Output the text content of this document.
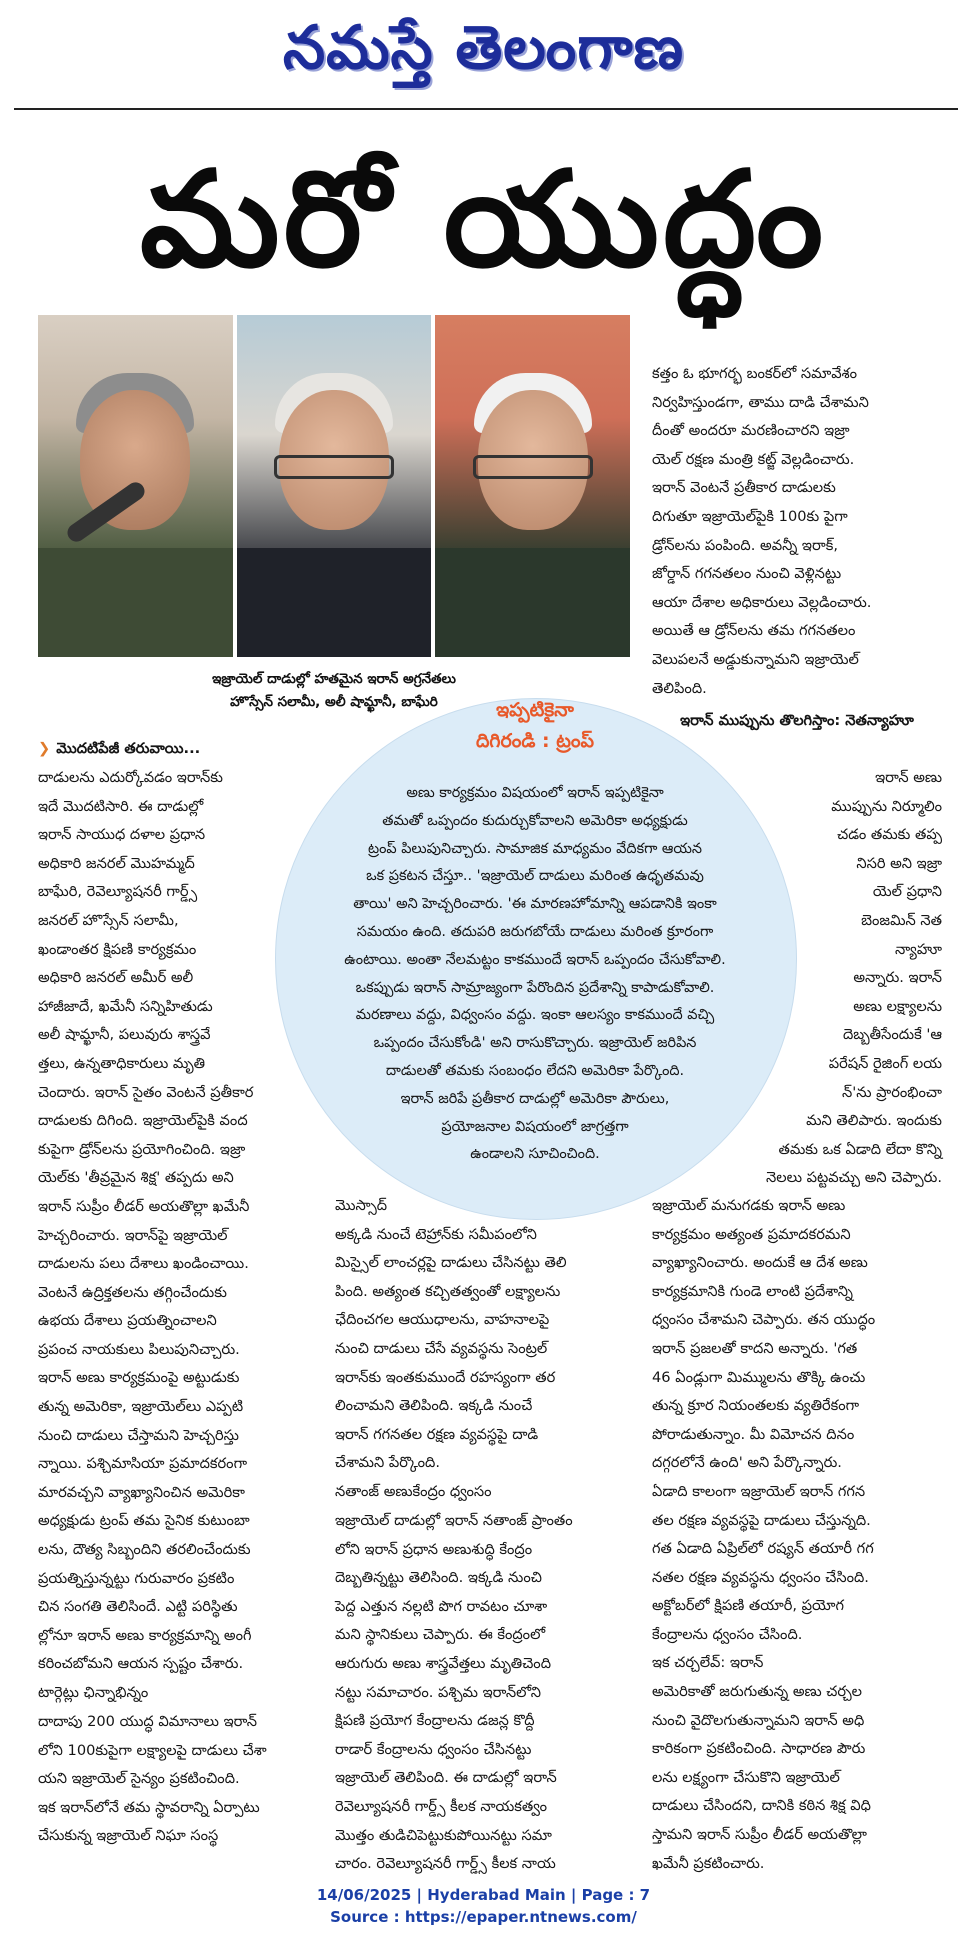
నమస్తే తెలంగాణ
మరో యుద్ధం
ఇజ్రాయెల్ దాడుల్లో హతమైన ఇరాన్ అగ్రనేతలు
హొస్సేన్ సలామీ, అలీ షామ్ఖానీ, బాఘేరి	ఇప్పటికైనా
దిగిరండి : ట్రంప్
అణు కార్యక్రమం విషయంలో ఇరాన్ ఇప్పటికైనా
తమతో ఒప్పందం కుదుర్చుకోవాలని అమెరికా అధ్యక్షుడు
ట్రంప్ పిలుపునిచ్చారు. సామాజిక మాధ్యమం వేదికగా ఆయన
ఒక ప్రకటన చేస్తూ.. 'ఇజ్రాయెల్ దాడులు మరింత ఉధృతమవు
తాయి' అని హెచ్చరించారు. 'ఈ మారణహోమాన్ని ఆపడానికి ఇంకా
సమయం ఉంది. తదుపరి జరుగబోయే దాడులు మరింత క్రూరంగా
ఉంటాయి. అంతా నేలమట్టం కాకముందే ఇరాన్ ఒప్పందం చేసుకోవాలి.
ఒకప్పుడు ఇరాన్ సామ్రాజ్యంగా పేరొందిన ప్రదేశాన్ని కాపాడుకోవాలి.
మరణాలు వద్దు, విధ్వంసం వద్దు. ఇంకా ఆలస్యం కాకముందే వచ్చి
ఒప్పందం చేసుకోండి' అని రాసుకొచ్చారు. ఇజ్రాయెల్ జరిపిన
దాడులతో తమకు సంబంధం లేదని అమెరికా పేర్కొంది.
ఇరాన్ జరిపే ప్రతీకార దాడుల్లో అమెరికా పౌరులు,
ప్రయోజనాల విషయంలో జాగ్రత్తగా
ఉండాలని సూచించింది.
కత్తం ఓ భూగర్భ బంకర్‌లో సమావేశం
నిర్వహిస్తుండగా, తాము దాడి చేశామని
దీంతో అందరూ మరణించారని ఇజ్రా
యెల్ రక్షణ మంత్రి కట్జ్ వెల్లడించారు.
ఇరాన్ వెంటనే ప్రతీకార దాడులకు
దిగుతూ ఇజ్రాయెల్‌పైకి 100కు పైగా
డ్రోన్‌లను పంపింది. అవన్నీ ఇరాక్,
జోర్డాన్ గగనతలం నుంచి వెళ్లినట్టు
ఆయా దేశాల అధికారులు వెల్లడించారు.
అయితే ఆ డ్రోన్‌లను తమ గగనతలం
వెలుపలనే అడ్డుకున్నామని ఇజ్రాయెల్
తెలిపింది.
ఇరాన్ ముప్పును తొలగిస్తాం: నెతన్యాహూ
ఇరాన్ అణు
ముప్పును నిర్మూలిం
చడం తమకు తప్ప
నిసరి అని ఇజ్రా
యెల్ ప్రధాని
బెంజమిన్ నెత
న్యాహూ
అన్నారు. ఇరాన్
అణు లక్ష్యాలను
దెబ్బతీసేందుకే 'ఆ
పరేషన్ రైజింగ్ లయ
న్'ను ప్రారంభించా
మని తెలిపారు. ఇందుకు
తమకు ఒక ఏడాది లేదా కొన్ని
నెలలు పట్టవచ్చు అని చెప్పారు.
ఇజ్రాయెల్ మనుగడకు ఇరాన్ అణు
కార్యక్రమం అత్యంత ప్రమాదకరమని
వ్యాఖ్యానించారు. అందుకే ఆ దేశ అణు
కార్యక్రమానికి గుండె లాంటి ప్రదేశాన్ని
ధ్వంసం చేశామని చెప్పారు. తన యుద్ధం
ఇరాన్ ప్రజలతో కాదని అన్నారు. 'గత
46 ఏండ్లుగా మిమ్ములను తొక్కి ఉంచు
తున్న క్రూర నియంతలకు వ్యతిరేకంగా
పోరాడుతున్నాం. మీ విమోచన దినం
దగ్గరలోనే ఉంది' అని పేర్కొన్నారు.
ఏడాది కాలంగా ఇజ్రాయెల్ ఇరాన్ గగన
తల రక్షణ వ్యవస్థపై దాడులు చేస్తున్నది.
గత ఏడాది ఏప్రిల్‌లో రష్యన్ తయారీ గగ
నతల రక్షణ వ్యవస్థను ధ్వంసం చేసింది.
అక్టోబర్‌లో క్షిపణి తయారీ, ప్రయోగ
కేంద్రాలను ధ్వంసం చేసింది.
ఇక చర్చలేవ్: ఇరాన్
అమెరికాతో జరుగుతున్న అణు చర్చల
నుంచి వైదొలగుతున్నామని ఇరాన్ అధి
కారికంగా ప్రకటించింది. సాధారణ పౌరు
లను లక్ష్యంగా చేసుకొని ఇజ్రాయెల్
దాడులు చేసిందని, దానికి కఠిన శిక్ష విధి
స్తామని ఇరాన్ సుప్రీం లీడర్ అయతొల్లా
ఖమేనీ ప్రకటించారు.
❯ మొదటిపేజీ తరువాయి...
దాడులను ఎదుర్కోవడం ఇరాన్‌కు
ఇదే మొదటిసారి. ఈ దాడుల్లో
ఇరాన్ సాయుధ దళాల ప్రధాన
అధికారి జనరల్ మొహమ్మద్
బాఘేరి, రెవెల్యూషనరీ గార్డ్స్
జనరల్ హొస్సేన్ సలామీ,
ఖండాంతర క్షిపణి కార్యక్రమం
అధికారి జనరల్ అమీర్ అలీ
హాజీజాదే, ఖమేనీ సన్నిహితుడు
అలీ షామ్ఖానీ, పలువురు శాస్త్రవే
త్తలు, ఉన్నతాధికారులు మృతి
చెందారు. ఇరాన్ సైతం వెంటనే ప్రతీకార
దాడులకు దిగింది. ఇజ్రాయెల్‌పైకి వంద
కుపైగా డ్రోన్‌లను ప్రయోగించింది. ఇజ్రా
యెల్‌కు 'తీవ్రమైన శిక్ష' తప్పదు అని
ఇరాన్ సుప్రీం లీడర్ అయతొల్లా ఖమేనీ
హెచ్చరించారు. ఇరాన్‌పై ఇజ్రాయెల్
దాడులను పలు దేశాలు ఖండించాయి.
వెంటనే ఉద్రిక్తతలను తగ్గించేందుకు
ఉభయ దేశాలు ప్రయత్నించాలని
ప్రపంచ నాయకులు పిలుపునిచ్చారు.
ఇరాన్ అణు కార్యక్రమంపై అట్టుడుకు
తున్న అమెరికా, ఇజ్రాయెల్‌లు ఎప్పటి
నుంచి దాడులు చేస్తామని హెచ్చరిస్తు
న్నాయి. పశ్చిమాసియా ప్రమాదకరంగా
మారవచ్చని వ్యాఖ్యానించిన అమెరికా
అధ్యక్షుడు ట్రంప్ తమ సైనిక కుటుంబా
లను, దౌత్య సిబ్బందిని తరలించేందుకు
ప్రయత్నిస్తున్నట్టు గురువారం ప్రకటిం
చిన సంగతి తెలిసిందే. ఎట్టి పరిస్థితు
ల్లోనూ ఇరాన్ అణు కార్యక్రమాన్ని అంగీ
కరించబోమని ఆయన స్పష్టం చేశారు.
టార్గెట్లు ఛిన్నాభిన్నం
దాదాపు 200 యుద్ధ విమానాలు ఇరాన్
లోని 100కుపైగా లక్ష్యాలపై దాడులు చేశా
యని ఇజ్రాయెల్ సైన్యం ప్రకటించింది.
ఇక ఇరాన్‌లోనే తమ స్థావరాన్ని ఏర్పాటు
చేసుకున్న ఇజ్రాయెల్ నిఘా సంస్థ
మొస్సాద్
అక్కడి నుంచే టెహ్రాన్‌కు సమీపంలోని
మిస్సైల్ లాంచర్లపై దాడులు చేసినట్టు తెలి
పింది. అత్యంత కచ్చితత్వంతో లక్ష్యాలను
ఛేదించగల ఆయుధాలను, వాహనాలపై
నుంచి దాడులు చేసే వ్యవస్థను సెంట్రల్
ఇరాన్‌కు ఇంతకుముందే రహస్యంగా తర
లించామని తెలిపింది. ఇక్కడి నుంచే
ఇరాన్ గగనతల రక్షణ వ్యవస్థపై దాడి
చేశామని పేర్కొంది.
నతాంజ్ అణుకేంద్రం ధ్వంసం
ఇజ్రాయెల్ దాడుల్లో ఇరాన్ నతాంజ్ ప్రాంతం
లోని ఇరాన్ ప్రధాన అణుశుద్ధి కేంద్రం
దెబ్బతిన్నట్టు తెలిసింది. ఇక్కడి నుంచి
పెద్ద ఎత్తున నల్లటి పొగ రావటం చూశా
మని స్థానికులు చెప్పారు. ఈ కేంద్రంలో
ఆరుగురు అణు శాస్త్రవేత్తలు మృతిచెంది
నట్టు సమాచారం. పశ్చిమ ఇరాన్‌లోని
క్షిపణి ప్రయోగ కేంద్రాలను డజన్ల కొద్దీ
రాడార్ కేంద్రాలను ధ్వంసం చేసినట్టు
ఇజ్రాయెల్ తెలిపింది. ఈ దాడుల్లో ఇరాన్
రెవెల్యూషనరీ గార్డ్స్ కీలక నాయకత్వం
మొత్తం తుడిచిపెట్టుకుపోయినట్టు సమా
చారం. రెవెల్యూషనరీ గార్డ్స్ కీలక నాయ
14/06/2025 | Hyderabad Main | Page : 7
Source : https://epaper.ntnews.com/
